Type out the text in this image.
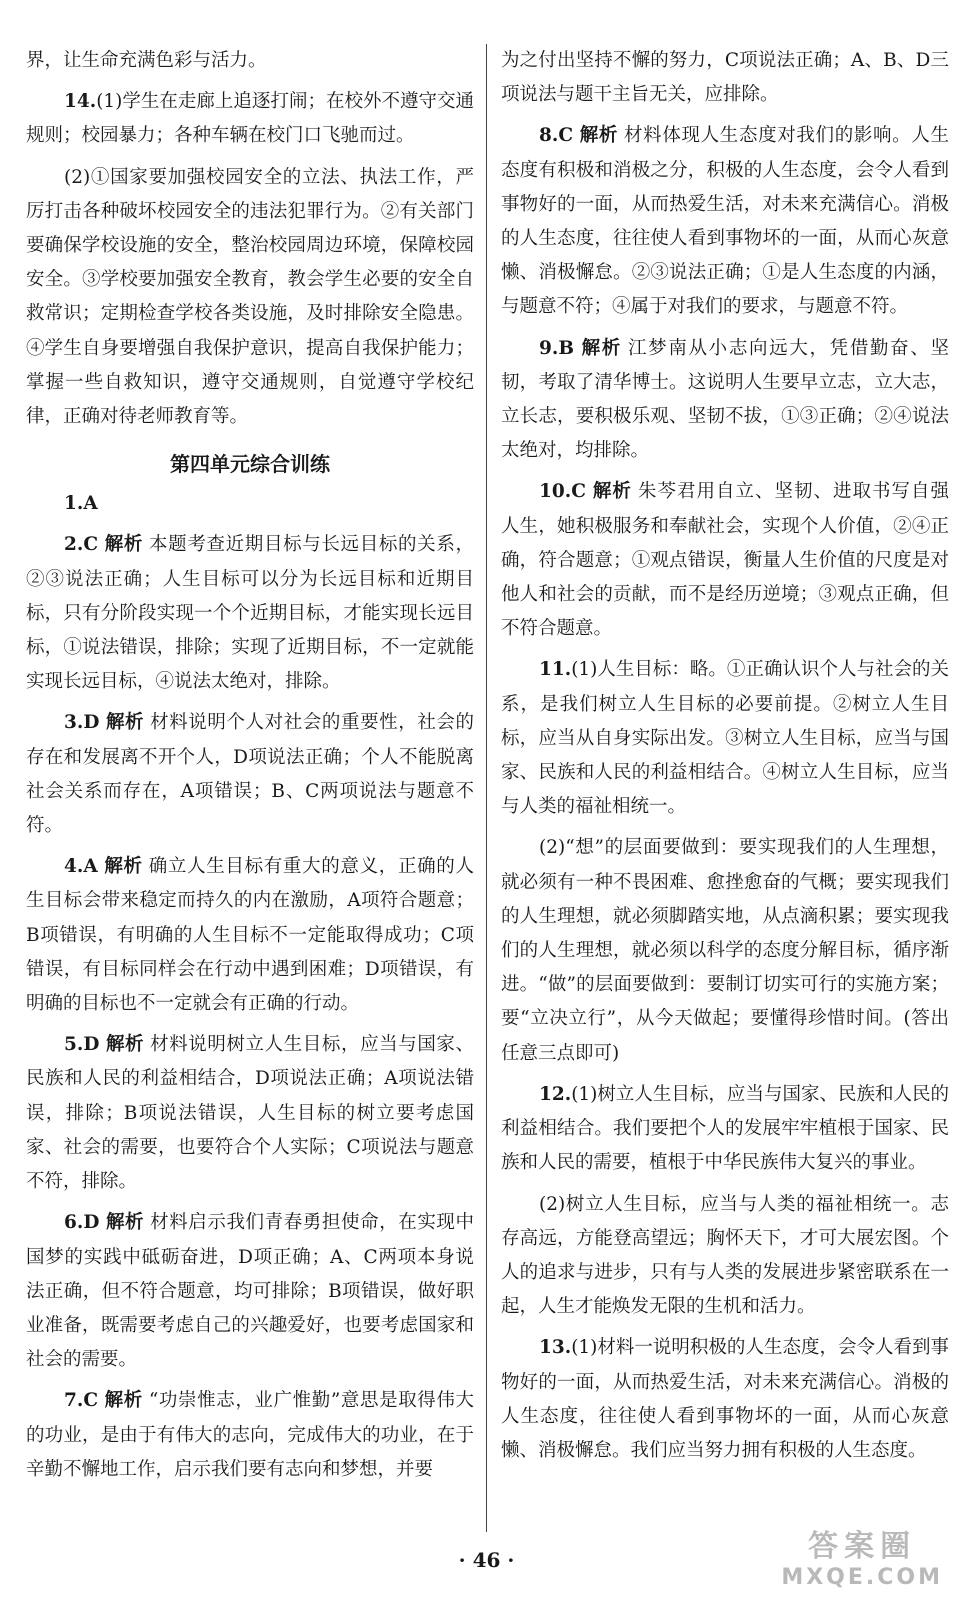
界，让生命充满色彩与活力。

14.(1)学生在走廊上追逐打闹；在校外不遵守交通规则；校园暴力；各种车辆在校门口飞驰而过。

(2)①国家要加强校园安全的立法、执法工作，严厉打击各种破坏校园安全的违法犯罪行为。②有关部门要确保学校设施的安全，整治校园周边环境，保障校园安全。③学校要加强安全教育，教会学生必要的安全自救常识；定期检查学校各类设施，及时排除安全隐患。④学生自身要增强自我保护意识，提高自我保护能力；掌握一些自救知识，遵守交通规则，自觉遵守学校纪律，正确对待老师教育等。

第四单元综合训练

1.A

2.C 解析 本题考查近期目标与长远目标的关系，②③说法正确；人生目标可以分为长远目标和近期目标，只有分阶段实现一个个近期目标，才能实现长远目标，①说法错误，排除；实现了近期目标，不一定就能实现长远目标，④说法太绝对，排除。

3.D 解析 材料说明个人对社会的重要性，社会的存在和发展离不开个人，D项说法正确；个人不能脱离社会关系而存在，A项错误；B、C两项说法与题意不符。

4.A 解析 确立人生目标有重大的意义，正确的人生目标会带来稳定而持久的内在激励，A项符合题意；B项错误，有明确的人生目标不一定能取得成功；C项错误，有目标同样会在行动中遇到困难；D项错误，有明确的目标也不一定就会有正确的行动。

5.D 解析 材料说明树立人生目标，应当与国家、民族和人民的利益相结合，D项说法正确；A项说法错误，排除；B项说法错误，人生目标的树立要考虑国家、社会的需要，也要符合个人实际；C项说法与题意不符，排除。

6.D 解析 材料启示我们青春勇担使命，在实现中国梦的实践中砥砺奋进，D项正确；A、C两项本身说法正确，但不符合题意，均可排除；B项错误，做好职业准备，既需要考虑自己的兴趣爱好，也要考虑国家和社会的需要。

7.C 解析 “功崇惟志，业广惟勤”意思是取得伟大的功业，是由于有伟大的志向，完成伟大的功业，在于辛勤不懈地工作，启示我们要有志向和梦想，并要

为之付出坚持不懈的努力，C项说法正确；A、B、D三项说法与题干主旨无关，应排除。

8.C 解析 材料体现人生态度对我们的影响。人生态度有积极和消极之分，积极的人生态度，会令人看到事物好的一面，从而热爱生活，对未来充满信心。消极的人生态度，往往使人看到事物坏的一面，从而心灰意懒、消极懈怠。②③说法正确；①是人生态度的内涵，与题意不符；④属于对我们的要求，与题意不符。

9.B 解析 江梦南从小志向远大，凭借勤奋、坚韧，考取了清华博士。这说明人生要早立志，立大志，立长志，要积极乐观、坚韧不拔，①③正确；②④说法太绝对，均排除。

10.C 解析 朱芩君用自立、坚韧、进取书写自强人生，她积极服务和奉献社会，实现个人价值，②④正确，符合题意；①观点错误，衡量人生价值的尺度是对他人和社会的贡献，而不是经历逆境；③观点正确，但不符合题意。

11.(1)人生目标：略。①正确认识个人与社会的关系，是我们树立人生目标的必要前提。②树立人生目标，应当从自身实际出发。③树立人生目标，应当与国家、民族和人民的利益相结合。④树立人生目标，应当与人类的福祉相统一。

(2)“想”的层面要做到：要实现我们的人生理想，就必须有一种不畏困难、愈挫愈奋的气概；要实现我们的人生理想，就必须脚踏实地，从点滴积累；要实现我们的人生理想，就必须以科学的态度分解目标，循序渐进。“做”的层面要做到：要制订切实可行的实施方案；要“立决立行”，从今天做起；要懂得珍惜时间。(答出任意三点即可)

12.(1)树立人生目标，应当与国家、民族和人民的利益相结合。我们要把个人的发展牢牢植根于国家、民族和人民的需要，植根于中华民族伟大复兴的事业。

(2)树立人生目标，应当与人类的福祉相统一。志存高远，方能登高望远；胸怀天下，才可大展宏图。个人的追求与进步，只有与人类的发展进步紧密联系在一起，人生才能焕发无限的生机和活力。

13.(1)材料一说明积极的人生态度，会令人看到事物好的一面，从而热爱生活，对未来充满信心。消极的人生态度，往往使人看到事物坏的一面，从而心灰意懒、消极懈怠。我们应当努力拥有积极的人生态度。

· 46 ·	答案圈
MXQE.COM
